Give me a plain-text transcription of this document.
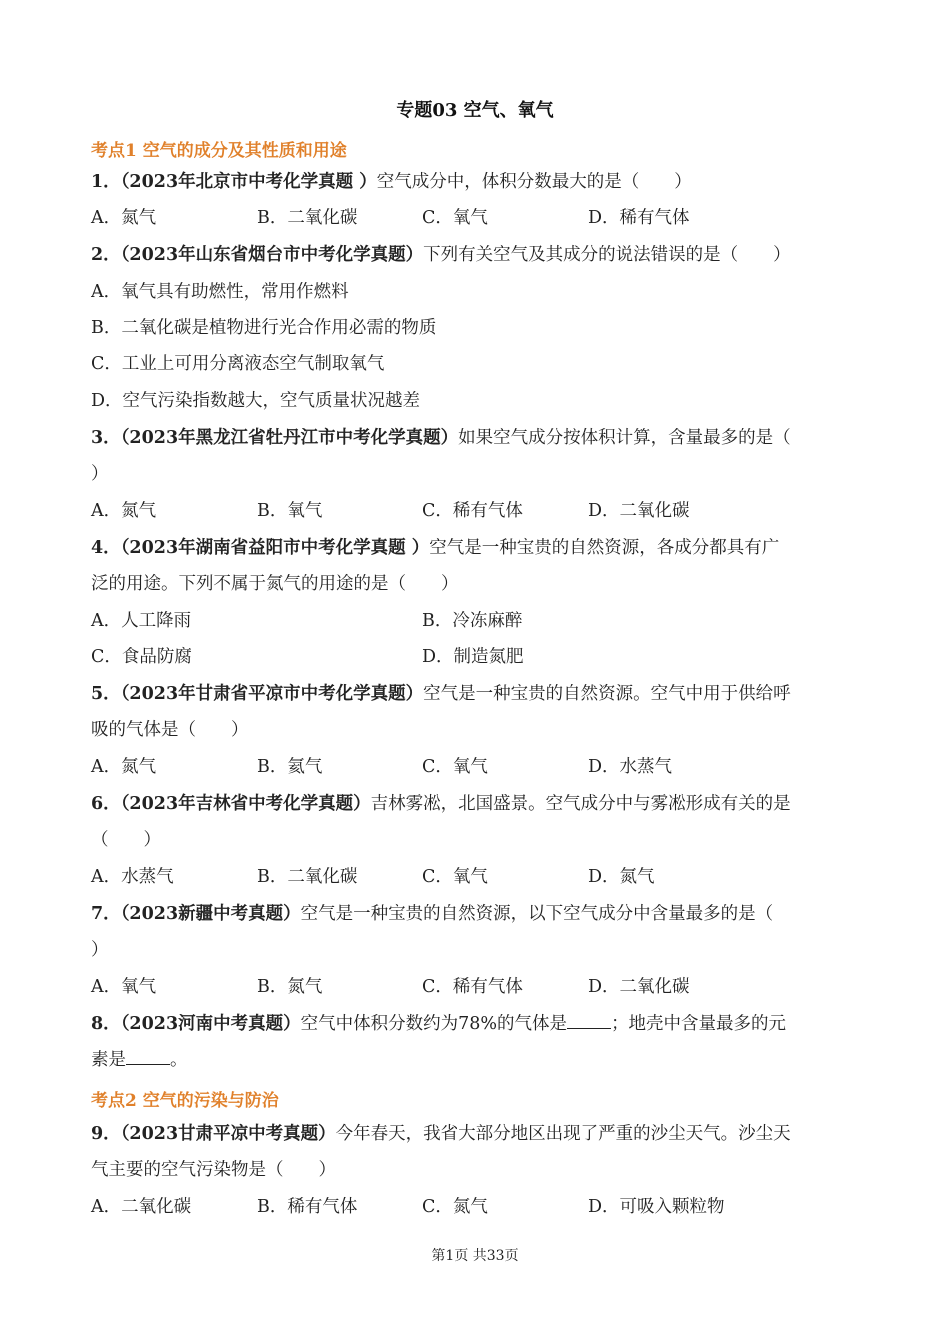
专题03 空气、氧气
考点1 空气的成分及其性质和用途
1．（2023年北京市中考化学真题 ）空气成分中，体积分数最大的是（　　）
A．氮气	B．二氧化碳	C．氧气	D．稀有气体
2．（2023年山东省烟台市中考化学真题）下列有关空气及其成分的说法错误的是（　　）
A．氧气具有助燃性，常用作燃料
B．二氧化碳是植物进行光合作用必需的物质
C．工业上可用分离液态空气制取氧气
D．空气污染指数越大，空气质量状况越差
3．（2023年黑龙江省牡丹江市中考化学真题）如果空气成分按体积计算，含量最多的是（
）
A．氮气	B．氧气	C．稀有气体	D．二氧化碳
4．（2023年湖南省益阳市中考化学真题 ）空气是一种宝贵的自然资源，各成分都具有广
泛的用途。下列不属于氮气的用途的是（　　）
A．人工降雨	B．冷冻麻醉
C．食品防腐	D．制造氮肥
5．（2023年甘肃省平凉市中考化学真题）空气是一种宝贵的自然资源。空气中用于供给呼
吸的气体是（　　）
A．氮气	B．氦气	C．氧气	D．水蒸气
6．（2023年吉林省中考化学真题）吉林雾凇，北国盛景。空气成分中与雾凇形成有关的是
（　　）
A．水蒸气	B．二氧化碳	C．氧气	D．氮气
7．（2023新疆中考真题）空气是一种宝贵的自然资源，以下空气成分中含量最多的是（
）
A．氧气	B．氮气	C．稀有气体	D．二氧化碳
8．（2023河南中考真题）空气中体积分数约为78%的气体是	；地壳中含量最多的元
素是	。
考点2 空气的污染与防治
9．（2023甘肃平凉中考真题）今年春天，我省大部分地区出现了严重的沙尘天气。沙尘天
气主要的空气污染物是（　　）
A．二氧化碳	B．稀有气体	C．氮气	D．可吸入颗粒物
第1页 共33页
